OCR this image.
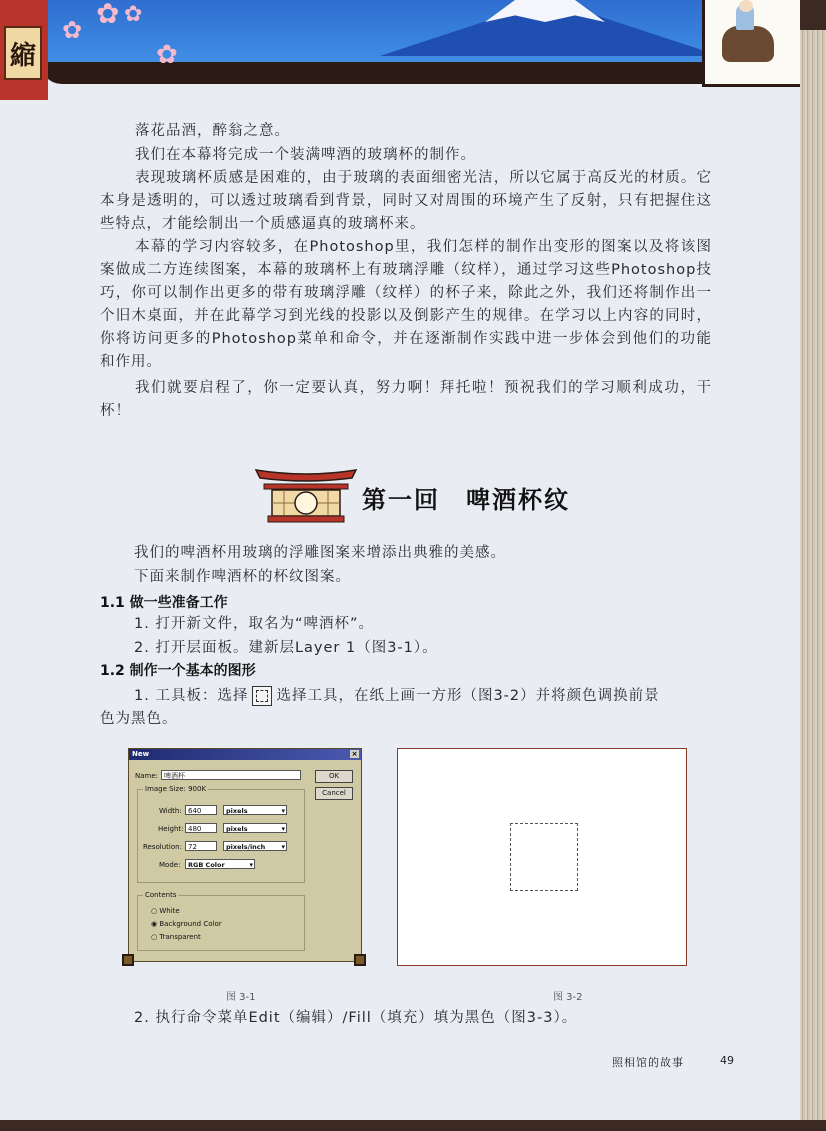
縮
✿ ✿ ✿
✿

落花品酒，醉翁之意。

我们在本幕将完成一个装满啤酒的玻璃杯的制作。

表现玻璃杯质感是困难的，由于玻璃的表面细密光洁，所以它属于高反光的材质。它本身是透明的，可以透过玻璃看到背景，同时又对周围的环境产生了反射，只有把握住这些特点，才能绘制出一个质感逼真的玻璃杯来。

本幕的学习内容较多，在Photoshop里，我们怎样的制作出变形的图案以及将该图案做成二方连续图案，本幕的玻璃杯上有玻璃浮雕（纹样），通过学习这些Photoshop技巧，你可以制作出更多的带有玻璃浮雕（纹样）的杯子来，除此之外，我们还将制作出一个旧木桌面，并在此幕学习到光线的投影以及倒影产生的规律。在学习以上内容的同时，你将访问更多的Photoshop菜单和命令，并在逐渐制作实践中进一步体会到他们的功能和作用。

我们就要启程了，你一定要认真，努力啊！拜托啦！预祝我们的学习顺利成功，干杯！

第一回　啤酒杯纹
我们的啤酒杯用玻璃的浮雕图案来增添出典雅的美感。
下面来制作啤酒杯的杯纹图案。
1.1 做一些准备工作
1. 打开新文件，取名为“啤酒杯”。
2. 打开层面板。建新层Layer 1（图3-1）。
1.2 制作一个基本的图形
1. 工具板：选择 选择工具，在纸上画一方形（图3-2）并将颜色调换前景
色为黑色。
New	×
Name: 啤酒杯	OK
Cancel
Image Size: 900K
Width: 640	pixels ▾
Height: 480	pixels ▾
Resolution: 72	pixels/inch ▾
Mode:	RGB Color ▾
Contents
○ White
◉ Background Color
○ Transparent
图 3-1	图 3-2
2. 执行命令菜单Edit（编辑）/Fill（填充）填为黑色（图3-3）。
照相馆的故事	49
